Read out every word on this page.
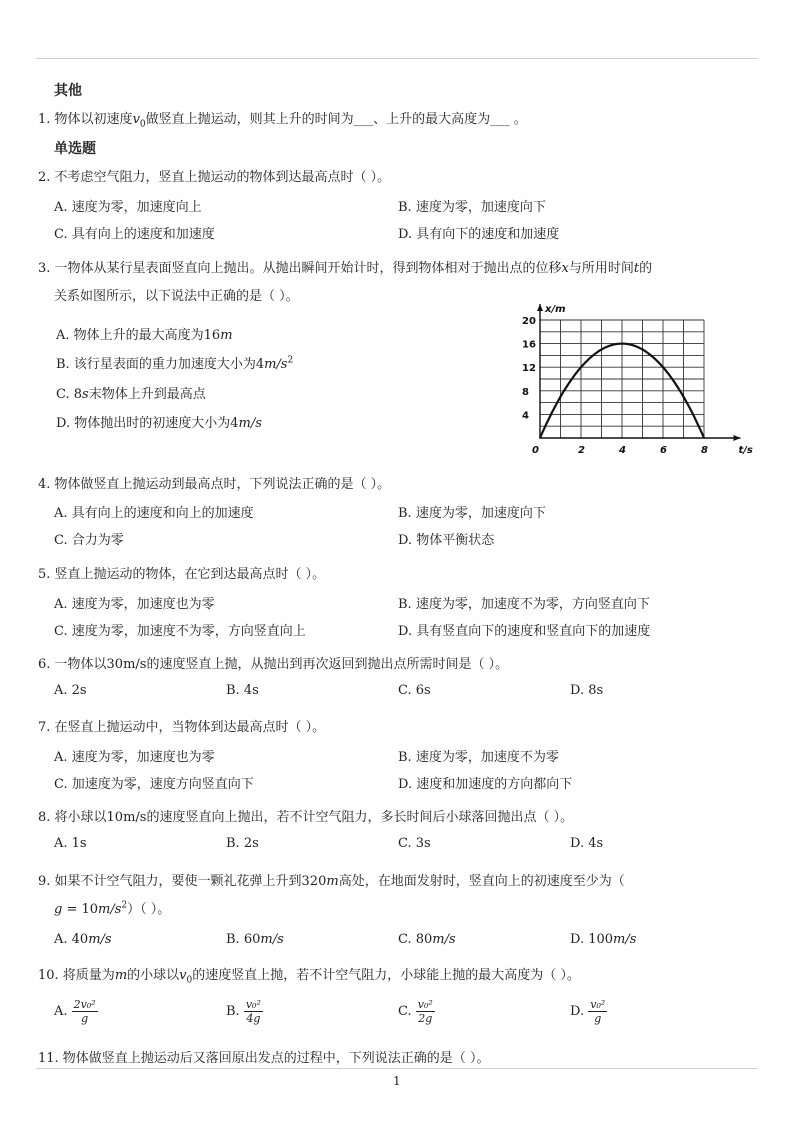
其他
1. 物体以初速度$v_0$做竖直上抛运动，则其上升的时间为___、上升的最大高度为___ 。
单选题
2. 不考虑空气阻力，竖直上抛运动的物体到达最高点时（ ）。
A. 速度为零，加速度向上	B. 速度为零，加速度向下
C. 具有向上的速度和加速度	D. 具有向下的速度和加速度
3. 一物体从某行星表面竖直向上抛出。从抛出瞬间开始计时，得到物体相对于抛出点的位移x与所用时间t的
关系如图所示，以下说法中正确的是（ ）。
A. 物体上升的最大高度为16m
B. 该行星表面的重力加速度大小为$4m/s^2$
C. 8s末物体上升到最高点
D. 物体抛出时的初速度大小为4m/s
0	2	4	6	8
4
8
12
16
20
x/m
t/s
4. 物体做竖直上抛运动到最高点时，下列说法正确的是（ ）。
A. 具有向上的速度和向上的加速度	B. 速度为零，加速度向下
C. 合力为零	D. 物体平衡状态
5. 竖直上抛运动的物体，在它到达最高点时（ ）。
A. 速度为零，加速度也为零	B. 速度为零，加速度不为零，方向竖直向下
C. 速度为零，加速度不为零，方向竖直向上	D. 具有竖直向下的速度和竖直向下的加速度
6. 一物体以30m/s的速度竖直上抛，从抛出到再次返回到抛出点所需时间是（ ）。
A. 2s	B. 4s	C. 6s	D. 8s
7. 在竖直上抛运动中，当物体到达最高点时（ ）。
A. 速度为零，加速度也为零	B. 速度为零，加速度不为零
C. 加速度为零，速度方向竖直向下	D. 速度和加速度的方向都向下
8. 将小球以10m/s的速度竖直向上抛出，若不计空气阻力，多长时间后小球落回抛出点（ ）。
A. 1s	B. 2s	C. 3s	D. 4s
9. 如果不计空气阻力，要使一颗礼花弹上升到320m高处，在地面发射时，竖直向上的初速度至少为（
$g = 10m/s^2$）（ ）。
A. 40m/s	B. 60m/s	C. 80m/s	D. 100m/s
10. 将质量为m的小球以$v_0$的速度竖直上抛，若不计空气阻力，小球能上抛的最大高度为（ ）。
A. $\frac{\text{2v₀²}}{g}$	B. $\frac{\text{v₀²}}{4g}$	C. $\frac{\text{v₀²}}{2g}$	D. $\frac{\text{v₀²}}{g}$
11. 物体做竖直上抛运动后又落回原出发点的过程中，下列说法正确的是（ ）。
1
